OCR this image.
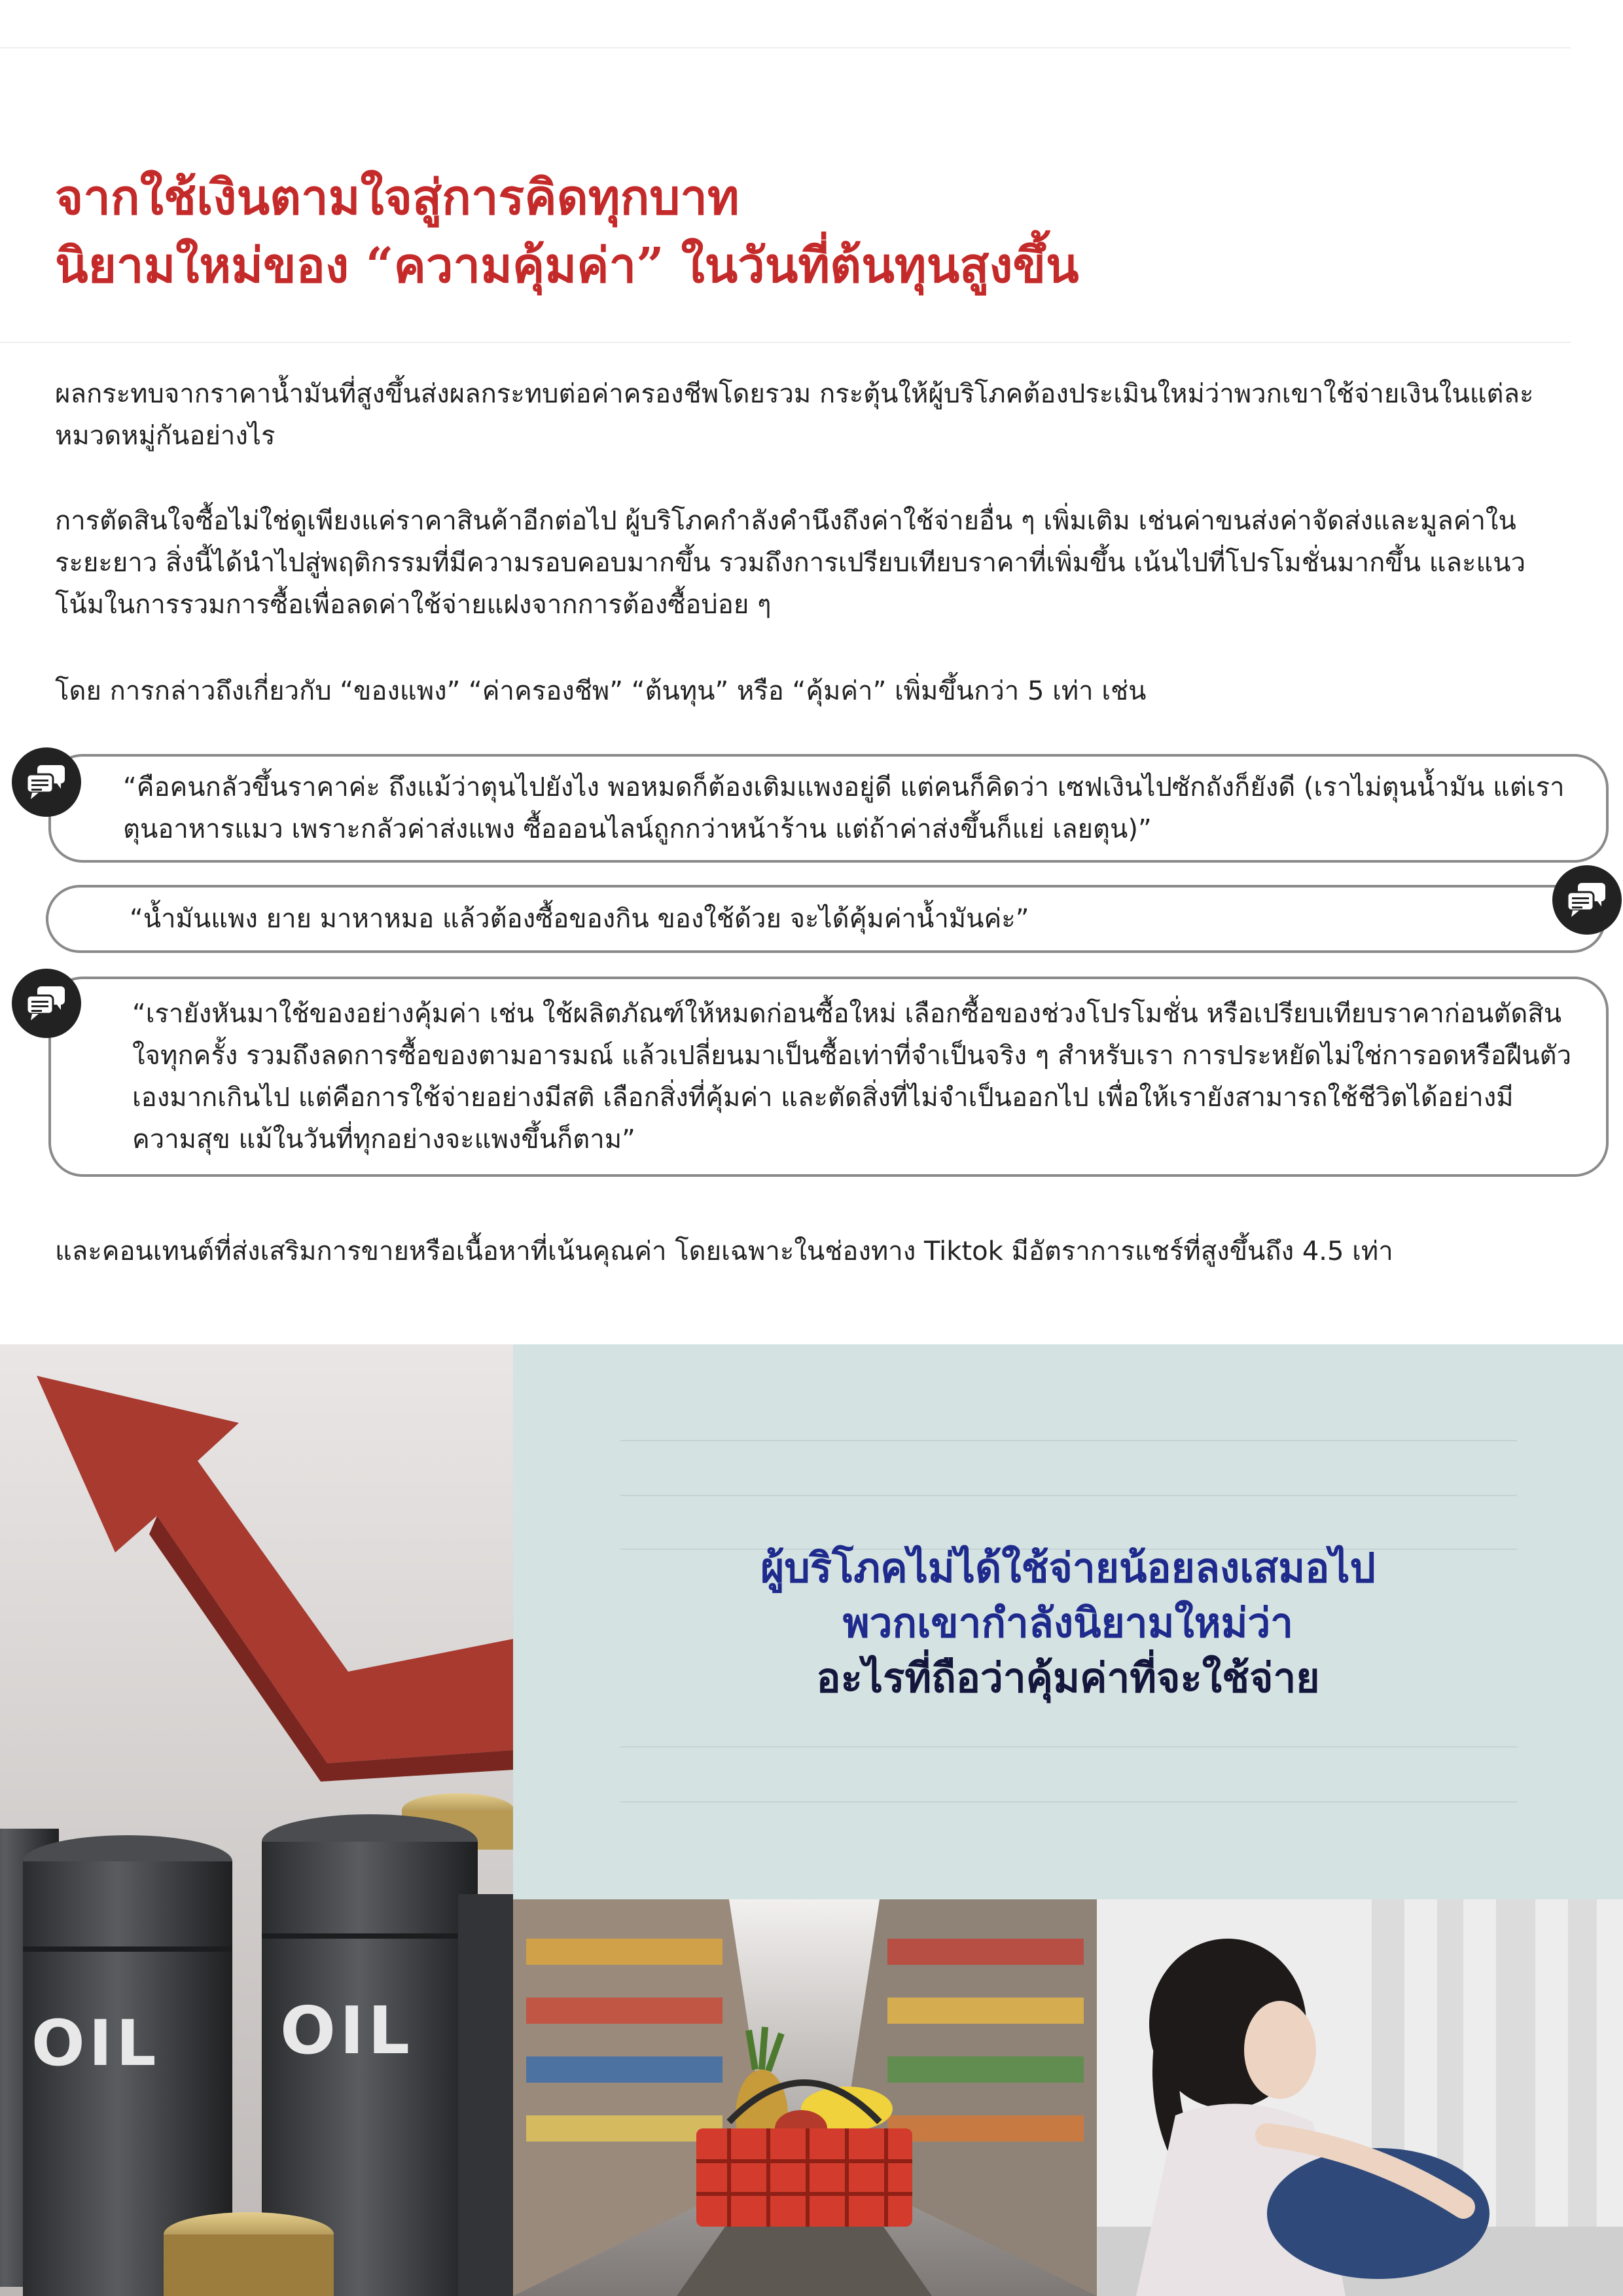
จากใช้เงินตามใจสู่การคิดทุกบาท
นิยามใหม่ของ “ความคุ้มค่า” ในวันที่ต้นทุนสูงขึ้น

ผลกระทบจากราคาน้ำมันที่สูงขึ้นส่งผลกระทบต่อค่าครองชีพโดยรวม กระตุ้นให้ผู้บริโภคต้องประเมินใหม่ว่าพวกเขาใช้จ่ายเงินในแต่ละหมวดหมู่กันอย่างไร

การตัดสินใจซื้อไม่ใช่ดูเพียงแค่ราคาสินค้าอีกต่อไป ผู้บริโภคกำลังคำนึงถึงค่าใช้จ่ายอื่น ๆ เพิ่มเติม เช่นค่าขนส่งค่าจัดส่งและมูลค่าในระยะยาว สิ่งนี้ได้นำไปสู่พฤติกรรมที่มีความรอบคอบมากขึ้น รวมถึงการเปรียบเทียบราคาที่เพิ่มขึ้น เน้นไปที่โปรโมชั่นมากขึ้น และแนวโน้มในการรวมการซื้อเพื่อลดค่าใช้จ่ายแฝงจากการต้องซื้อบ่อย ๆ

โดย การกล่าวถึงเกี่ยวกับ “ของแพง” “ค่าครองชีพ” “ต้นทุน” หรือ “คุ้มค่า” เพิ่มขึ้นกว่า 5 เท่า เช่น

“คือคนกลัวขึ้นราคาค่ะ ถึงแม้ว่าตุนไปยังไง พอหมดก็ต้องเติมแพงอยู่ดี แต่คนก็คิดว่า เซฟเงินไปซักถังก็ยังดี (เราไม่ตุนน้ำมัน แต่เราตุนอาหารแมว เพราะกลัวค่าส่งแพง ซื้อออนไลน์ถูกกว่าหน้าร้าน แต่ถ้าค่าส่งขึ้นก็แย่ เลยตุน)”

“น้ำมันแพง ยาย มาหาหมอ แล้วต้องซื้อของกิน ของใช้ด้วย จะได้คุ้มค่าน้ำมันค่ะ”

“เรายังหันมาใช้ของอย่างคุ้มค่า เช่น ใช้ผลิตภัณฑ์ให้หมดก่อนซื้อใหม่ เลือกซื้อของช่วงโปรโมชั่น หรือเปรียบเทียบราคาก่อนตัดสินใจทุกครั้ง รวมถึงลดการซื้อของตามอารมณ์ แล้วเปลี่ยนมาเป็นซื้อเท่าที่จำเป็นจริง ๆ สำหรับเรา การประหยัดไม่ใช่การอดหรือฝืนตัวเองมากเกินไป แต่คือการใช้จ่ายอย่างมีสติ เลือกสิ่งที่คุ้มค่า และตัดสิ่งที่ไม่จำเป็นออกไป เพื่อให้เรายังสามารถใช้ชีวิตได้อย่างมีความสุข แม้ในวันที่ทุกอย่างจะแพงขึ้นก็ตาม”

และคอนเทนต์ที่ส่งเสริมการขายหรือเนื้อหาที่เน้นคุณค่า โดยเฉพาะในช่องทาง Tiktok มีอัตราการแชร์ที่สูงขึ้นถึง 4.5 เท่า

OIL OIL

ผู้บริโภคไม่ได้ใช้จ่ายน้อยลงเสมอไป
พวกเขากำลังนิยามใหม่ว่า
อะไรที่ถือว่าคุ้มค่าที่จะใช้จ่าย
